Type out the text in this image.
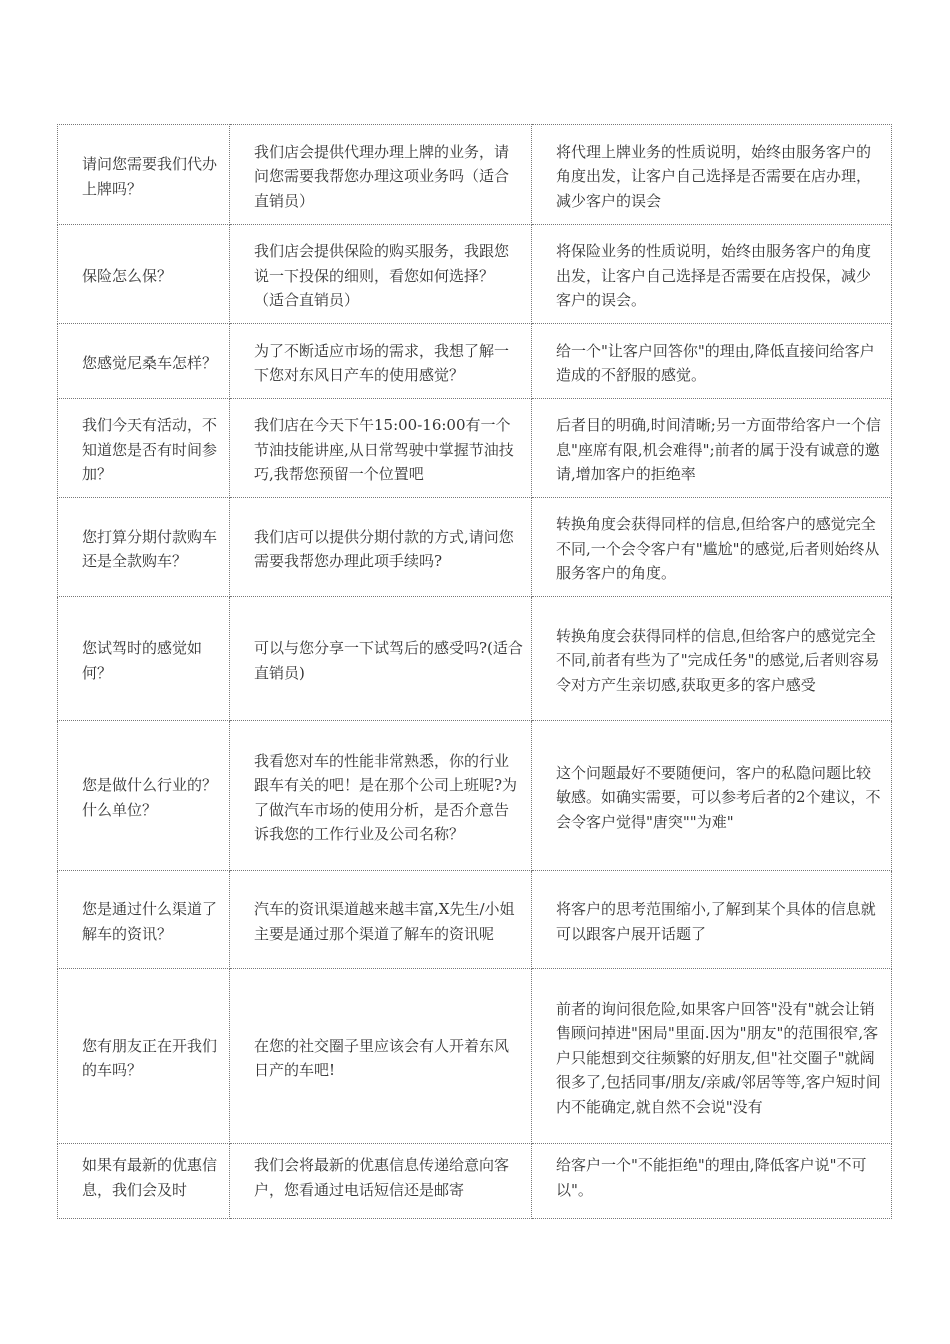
请问您需要我们代办上牌吗？	我们店会提供代理办理上牌的业务，请问您需要我帮您办理这项业务吗（适合直销员）	将代理上牌业务的性质说明，始终由服务客户的角度出发，让客户自己选择是否需要在店办理，减少客户的误会
保险怎么保？	我们店会提供保险的购买服务，我跟您说一下投保的细则，看您如何选择？（适合直销员）	将保险业务的性质说明，始终由服务客户的角度出发，让客户自己选择是否需要在店投保，减少客户的误会。
您感觉尼桑车怎样？	为了不断适应市场的需求，我想了解一下您对东风日产车的使用感觉？	给一个"让客户回答你"的理由,降低直接问给客户造成的不舒服的感觉。
我们今天有活动，不知道您是否有时间参加？	我们店在今天下午15:00-16:00有一个节油技能讲座,从日常驾驶中掌握节油技巧,我帮您预留一个位置吧	后者目的明确,时间清晰;另一方面带给客户一个信息"座席有限,机会难得";前者的属于没有诚意的邀请,增加客户的拒绝率
您打算分期付款购车还是全款购车？	我们店可以提供分期付款的方式,请问您需要我帮您办理此项手续吗?	转换角度会获得同样的信息,但给客户的感觉完全不同,一个会令客户有"尴尬"的感觉,后者则始终从服务客户的角度。
您试驾时的感觉如何？	可以与您分享一下试驾后的感受吗?(适合直销员)	转换角度会获得同样的信息,但给客户的感觉完全不同,前者有些为了"完成任务"的感觉,后者则容易令对方产生亲切感,获取更多的客户感受
您是做什么行业的？什么单位？	我看您对车的性能非常熟悉，你的行业跟车有关的吧！是在那个公司上班呢?为了做汽车市场的使用分析，是否介意告诉我您的工作行业及公司名称？	这个问题最好不要随便问，客户的私隐问题比较敏感。如确实需要，可以参考后者的2个建议，不会令客户觉得"唐突""为难"
您是通过什么渠道了解车的资讯？	汽车的资讯渠道越来越丰富,X先生/小姐主要是通过那个渠道了解车的资讯呢	将客户的思考范围缩小,了解到某个具体的信息就可以跟客户展开话题了
您有朋友正在开我们的车吗？	在您的社交圈子里应该会有人开着东风日产的车吧!	前者的询问很危险,如果客户回答"没有"就会让销售顾问掉进"困局"里面.因为"朋友"的范围很窄,客户只能想到交往频繁的好朋友,但"社交圈子"就阔很多了,包括同事/朋友/亲戚/邻居等等,客户短时间内不能确定,就自然不会说"没有

如果有最新的优惠信息，我们会及时	我们会将最新的优惠信息传递给意向客户，您看通过电话短信还是邮寄	给客户一个"不能拒绝"的理由,降低客户说"不可以"。
